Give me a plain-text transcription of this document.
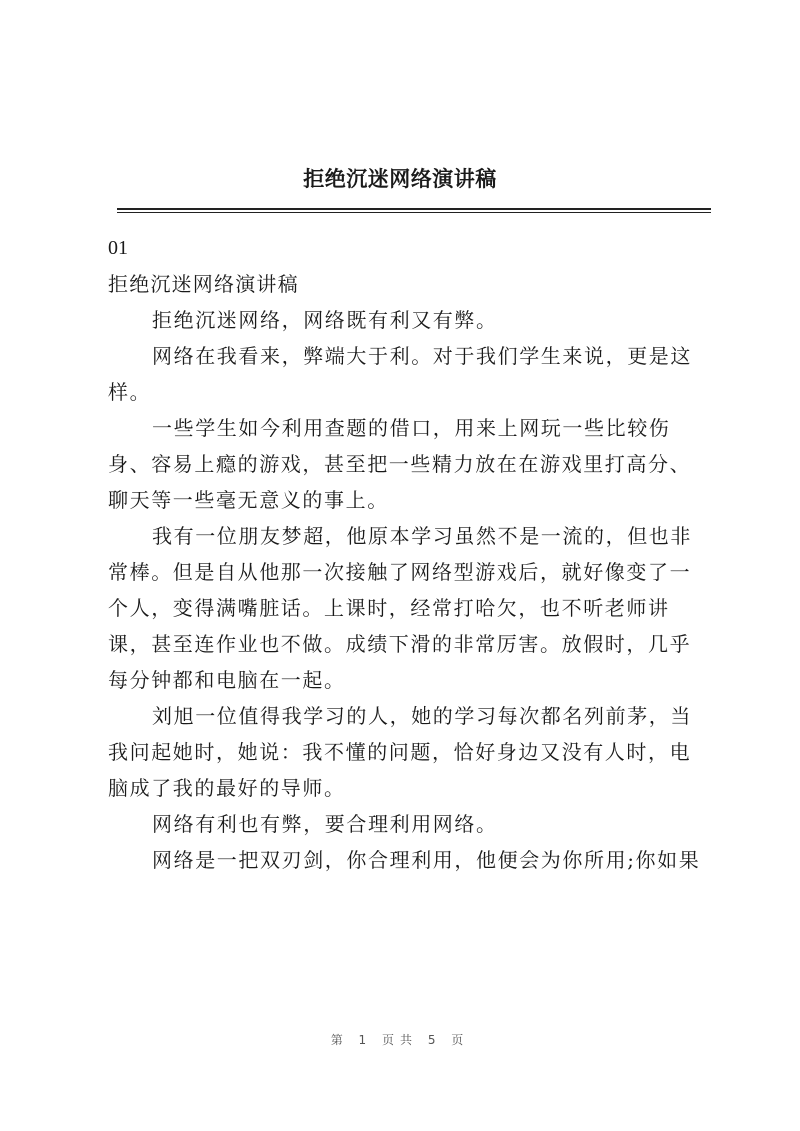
拒绝沉迷网络演讲稿

01

拒绝沉迷网络演讲稿

拒绝沉迷网络，网络既有利又有弊。

网络在我看来，弊端大于利。对于我们学生来说，更是这样。

一些学生如今利用查题的借口，用来上网玩一些比较伤身、容易上瘾的游戏，甚至把一些精力放在在游戏里打高分、聊天等一些毫无意义的事上。

我有一位朋友梦超，他原本学习虽然不是一流的，但也非常棒。但是自从他那一次接触了网络型游戏后，就好像变了一个人，变得满嘴脏话。上课时，经常打哈欠，也不听老师讲课，甚至连作业也不做。成绩下滑的非常厉害。放假时，几乎每分钟都和电脑在一起。

刘旭一位值得我学习的人，她的学习每次都名列前茅，当我问起她时，她说：我不懂的问题，恰好身边又没有人时，电脑成了我的最好的导师。

网络有利也有弊，要合理利用网络。

网络是一把双刃剑，你合理利用，他便会为你所用;你如果

第 1 页共 5 页
